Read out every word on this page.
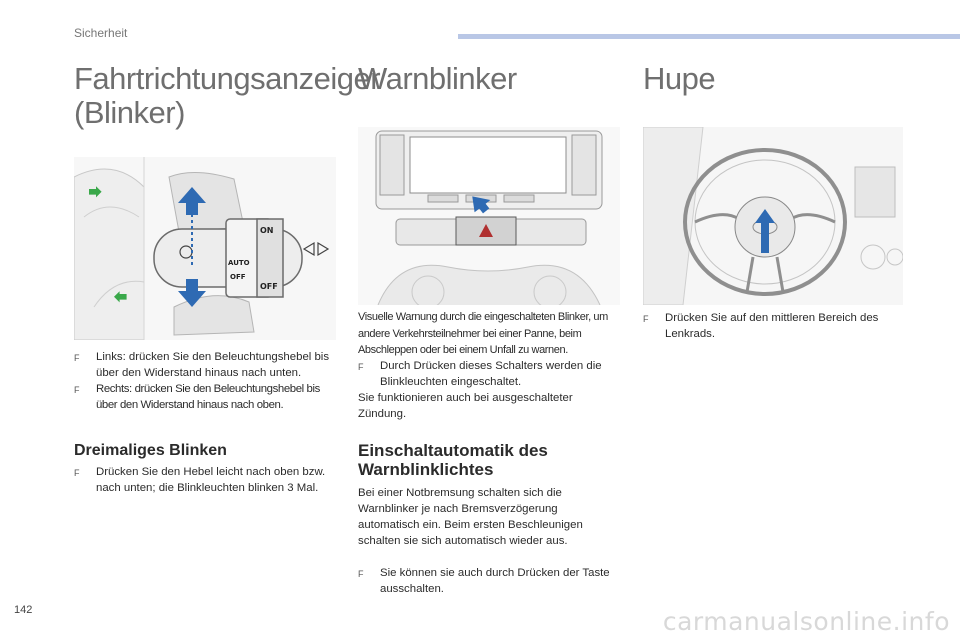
Sicherheit
Fahrtrichtungsanzeiger
(Blinker)
ON
AUTO
OFF
OFF
F	Links: drücken Sie den Beleuchtungshebel bis über den Widerstand hinaus nach unten.
F	Rechts: drücken Sie den Beleuchtungshebel bis über den Widerstand hinaus nach oben.
Dreimaliges Blinken
F	Drücken Sie den Hebel leicht nach oben bzw. nach unten; die Blinkleuchten blinken 3 Mal.
Warnblinker
Visuelle Warnung durch die eingeschalteten Blinker, um andere Verkehrsteilnehmer bei einer Panne, beim Abschleppen oder bei einem Unfall zu warnen.
F	Durch Drücken dieses Schalters werden die Blinkleuchten eingeschaltet.
Sie funktionieren auch bei ausgeschalteter Zündung.
Einschaltautomatik des Warnblinklichtes
Bei einer Notbremsung schalten sich die Warnblinker je nach Bremsverzögerung automatisch ein. Beim ersten Beschleunigen schalten sie sich automatisch wieder aus.
F	Sie können sie auch durch Drücken der Taste ausschalten.
Hupe
F	Drücken Sie auf den mittleren Bereich des Lenkrads.
142	carmanualsonline.info
